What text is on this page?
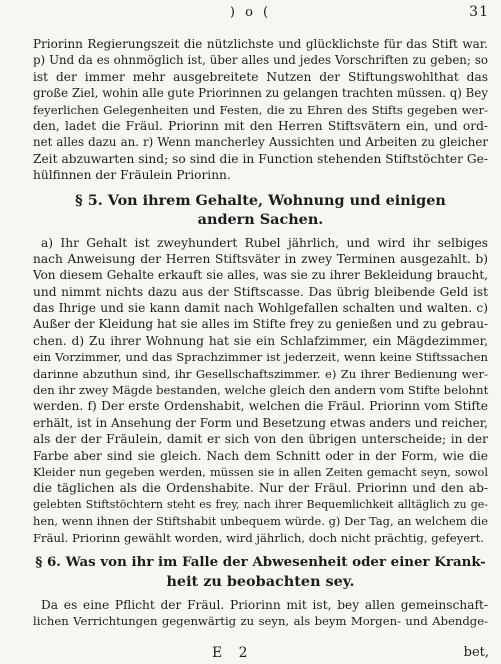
) o (	31
Priorinn Regierungszeit die nützlichste und glücklichste für das Stift war.
p) Und da es ohnmöglich ist, über alles und jedes Vorschriften zu geben; so
ist der immer mehr ausgebreitete Nutzen der Stiftungswohlthat das
große Ziel, wohin alle gute Priorinnen zu gelangen trachten müssen. q) Bey
feyerlichen Gelegenheiten und Festen, die zu Ehren des Stifts gegeben wer-
den, ladet die Fräul. Priorinn mit den Herren Stiftsvätern ein, und ord-
net alles dazu an. r) Wenn mancherley Aussichten und Arbeiten zu gleicher
Zeit abzuwarten sind; so sind die in Function stehenden Stiftstöchter Ge-
hülfinnen der Fräulein Priorinn.
§ 5. Von ihrem Gehalte, Wohnung und einigen
andern Sachen.
a) Ihr Gehalt ist zweyhundert Rubel jährlich, und wird ihr selbiges
nach Anweisung der Herren Stiftsväter in zwey Terminen ausgezahlt. b)
Von diesem Gehalte erkauft sie alles, was sie zu ihrer Bekleidung braucht,
und nimmt nichts dazu aus der Stiftscasse. Das übrig bleibende Geld ist
das Ihrige und sie kann damit nach Wohlgefallen schalten und walten. c)
Außer der Kleidung hat sie alles im Stifte frey zu genießen und zu gebrau-
chen. d) Zu ihrer Wohnung hat sie ein Schlafzimmer, ein Mägdezimmer,
ein Vorzimmer, und das Sprachzimmer ist jederzeit, wenn keine Stiftssachen
darinne abzuthun sind, ihr Gesellschaftszimmer. e) Zu ihrer Bedienung wer-
den ihr zwey Mägde bestanden, welche gleich den andern vom Stifte belohnt
werden. f) Der erste Ordenshabit, welchen die Fräul. Priorinn vom Stifte
erhält, ist in Ansehung der Form und Besetzung etwas anders und reicher,
als der der Fräulein, damit er sich von den übrigen unterscheide; in der
Farbe aber sind sie gleich. Nach dem Schnitt oder in der Form, wie die
Kleider nun gegeben werden, müssen sie in allen Zeiten gemacht seyn, sowol
die täglichen als die Ordenshabite. Nur der Fräul. Priorinn und den ab-
gelebten Stiftstöchtern steht es frey, nach ihrer Bequemlichkeit alltäglich zu ge-
hen, wenn ihnen der Stiftshabit unbequem würde. g) Der Tag, an welchem die
Fräul. Priorinn gewählt worden, wird jährlich, doch nicht prächtig, gefeyert.
§ 6. Was von ihr im Falle der Abwesenheit oder einer Krank-
heit zu beobachten sey.
Da es eine Pflicht der Fräul. Priorinn mit ist, bey allen gemeinschaft-
lichen Verrichtungen gegenwärtig zu seyn, als beym Morgen- und Abendge-
E 2	bet,
